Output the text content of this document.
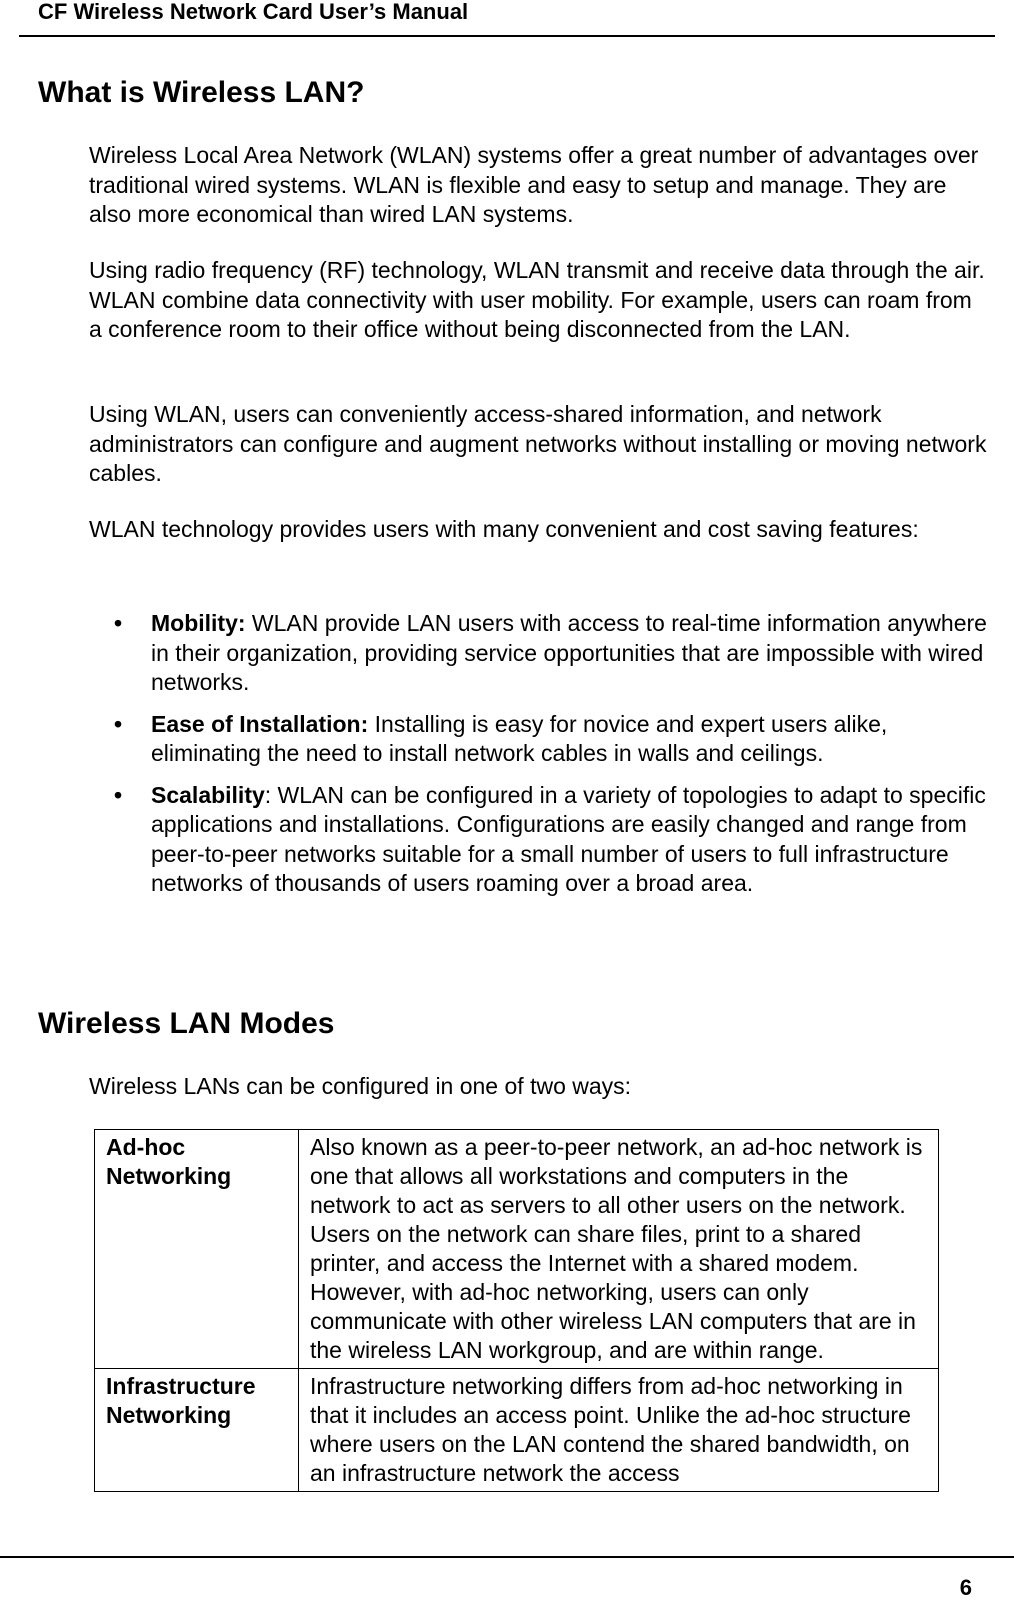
CF Wireless Network Card User’s Manual
What is Wireless LAN?

Wireless Local Area Network (WLAN) systems offer a great number of advantages over traditional wired systems. WLAN is flexible and easy to setup and manage. They are also more economical than wired LAN systems.

Using radio frequency (RF) technology, WLAN transmit and receive data through the air. WLAN combine data connectivity with user mobility. For example, users can roam from a conference room to their office without being disconnected from the LAN.

Using WLAN, users can conveniently access-shared information, and network administrators can configure and augment networks without installing or moving network cables.

WLAN technology provides users with many convenient and cost saving features:

• Mobility: WLAN provide LAN users with access to real-time information anywhere in their organization, providing service opportunities that are impossible with wired networks.
• Ease of Installation: Installing is easy for novice and expert users alike, eliminating the need to install network cables in walls and ceilings.
• Scalability: WLAN can be configured in a variety of topologies to adapt to specific applications and installations. Configurations are easily changed and range from peer-to-peer networks suitable for a small number of users to full infrastructure networks of thousands of users roaming over a broad area.
Wireless LAN Modes

Wireless LANs can be configured in one of two ways:

Ad-hoc
Networking	Also known as a peer-to-peer network, an ad-hoc network is one that allows all workstations and computers in the network to act as servers to all other users on the network. Users on the network can share files, print to a shared printer, and access the Internet with a shared modem. However, with ad-hoc networking, users can only communicate with other wireless LAN computers that are in the wireless LAN workgroup, and are within range.
Infrastructure
Networking	Infrastructure networking differs from ad-hoc networking in that it includes an access point. Unlike the ad-hoc structure where users on the LAN contend the shared bandwidth, on an infrastructure network the access
6
